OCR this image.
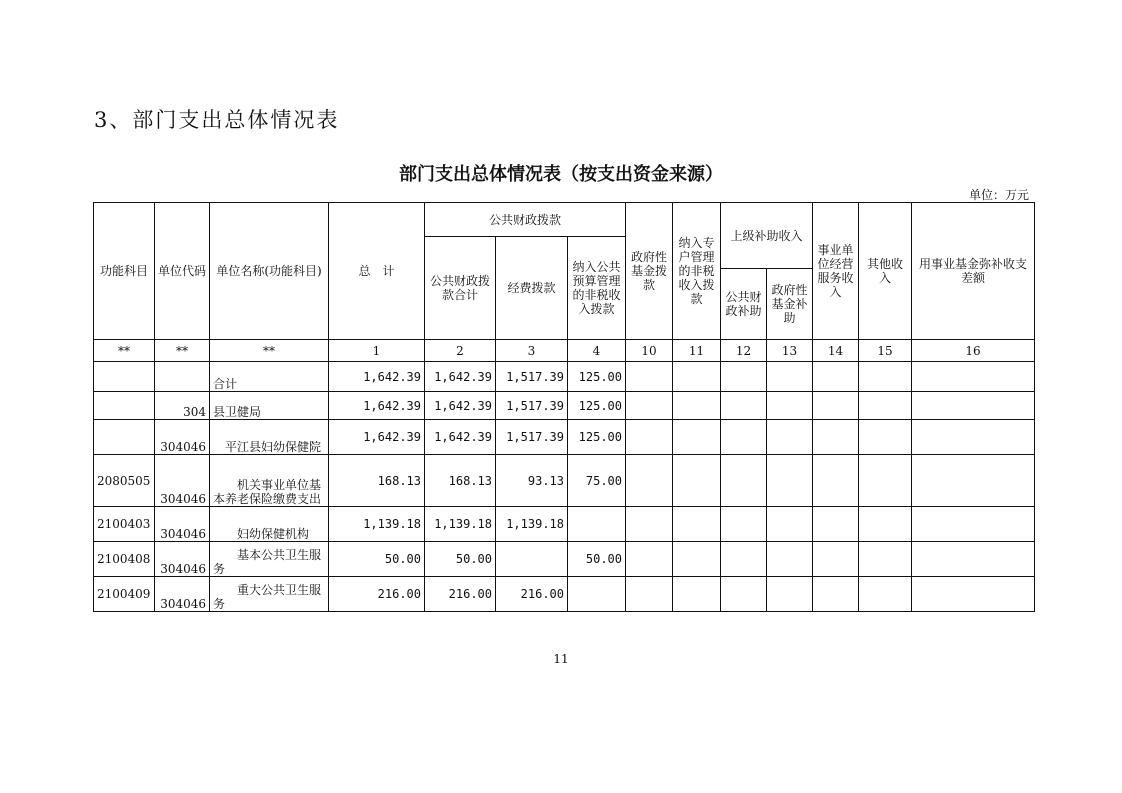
3、部门支出总体情况表
部门支出总体情况表（按支出资金来源）
单位：万元
功能科目	单位代码	单位名称(功能科目)	总　计	公共财政拨款			政府性基金拨款	纳入专户管理的非税收入拨款	上级补助收入		事业单位经营服务收入	其他收入	用事业基金弥补收支差额
				公共财政拨款合计	经费拨款	纳入公共预算管理的非税收入拨款							
									公共财政补助	政府性基金补助			
**	**	**	1	2	3	4	10	11	12	13	14	15	16
		合计	1,642.39	1,642.39	1,517.39	125.00							
	304	县卫健局	1,642.39	1,642.39	1,517.39	125.00							
	304046	　平江县妇幼保健院	1,642.39	1,642.39	1,517.39	125.00							
2080505	304046	　　机关事业单位基本养老保险缴费支出	168.13	168.13	93.13	75.00							
2100403	304046	　　妇幼保健机构	1,139.18	1,139.18	1,139.18								
2100408	304046	　　基本公共卫生服务	50.00	50.00		50.00							
2100409	304046	　　重大公共卫生服务	216.00	216.00	216.00								
11
